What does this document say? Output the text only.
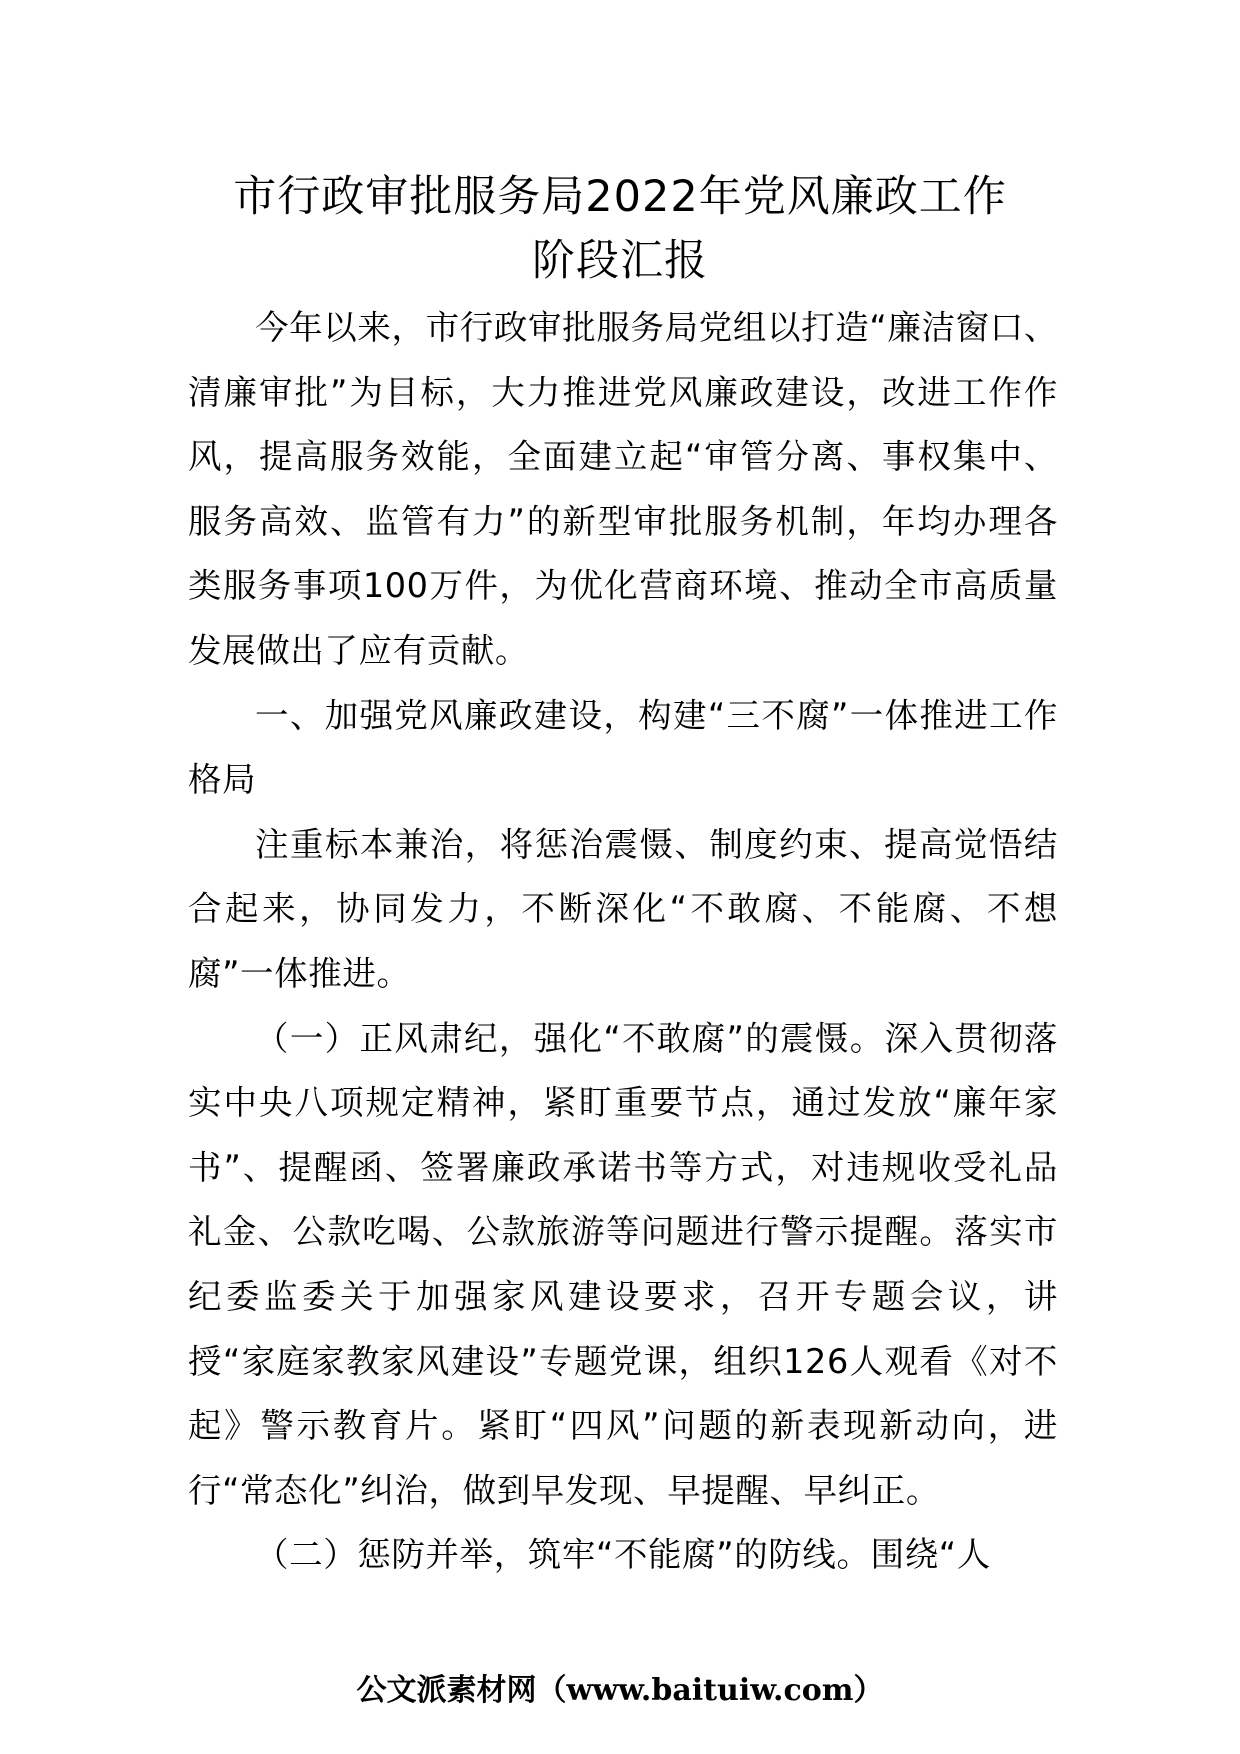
市行政审批服务局2022年党风廉政工作
阶段汇报

今年以来，市行政审批服务局党组以打造“廉洁窗口、清廉审批”为目标，大力推进党风廉政建设，改进工作作风，提高服务效能，全面建立起“审管分离、事权集中、服务高效、监管有力”的新型审批服务机制，年均办理各类服务事项100万件，为优化营商环境、推动全市高质量发展做出了应有贡献。

一、加强党风廉政建设，构建“三不腐”一体推进工作格局

注重标本兼治，将惩治震慑、制度约束、提高觉悟结合起来，协同发力，不断深化“不敢腐、不能腐、不想腐”一体推进。

（一）正风肃纪，强化“不敢腐”的震慑。深入贯彻落实中央八项规定精神，紧盯重要节点，通过发放“廉年家书”、提醒函、签署廉政承诺书等方式，对违规收受礼品礼金、公款吃喝、公款旅游等问题进行警示提醒。落实市纪委监委关于加强家风建设要求，召开专题会议，讲授“家庭家教家风建设”专题党课，组织126人观看《对不起》警示教育片。紧盯“四风”问题的新表现新动向，进行“常态化”纠治，做到早发现、早提醒、早纠正。

（二）惩防并举，筑牢“不能腐”的防线。围绕“人

公文派素材网（www.baituiw.com）
